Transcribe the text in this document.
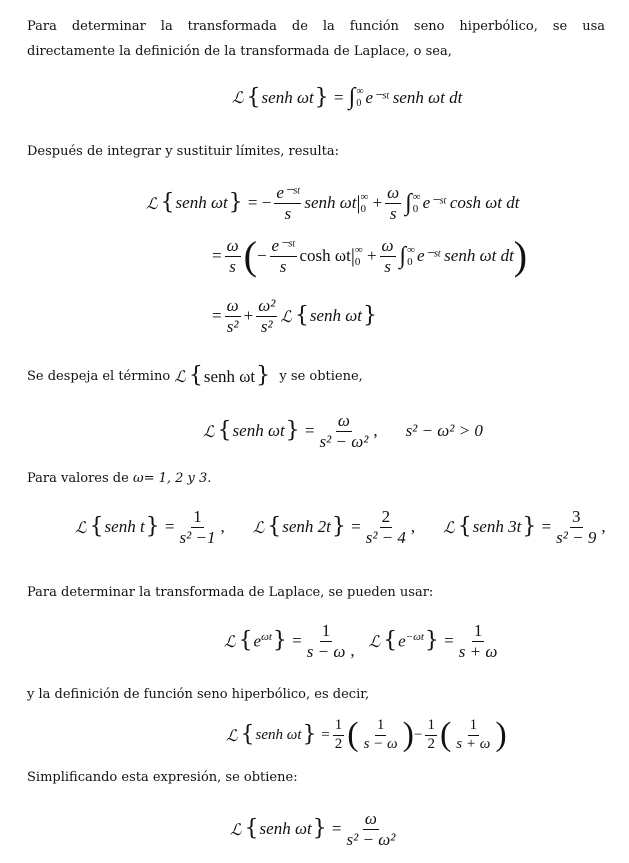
Para determinar la transformada de la función seno hiperbólico, se usa
directamente la definición de la transformada de Laplace, o sea,
ℒ { senh ωt } = ∫ ∞
0 e⁻ˢᵗ senh ωt dt
Después de integrar y sustituir límites, resulta:
ℒ { senh ωt } = − $\frac{\text{e⁻ˢᵗ}}{s}$ senh ωt | ∞
$0 + \frac{\omega}{s}$ ∫ ∞
0 e⁻ˢᵗ cosh ωt dt
= $\frac{\omega}{s}$ ( − $\frac{\text{e⁻ˢᵗ}}{s}$ cosh ωt | ∞
$0 + \frac{\omega}{s}$ ∫ ∞
0 e⁻ˢᵗ senh ωt dt )
= $\frac{\omega}{\text{s²}} + \frac{\text{ω²}}{\text{s²}}$ ℒ { senh ωt }
Se despeja el término
ℒ {senh ωt}
y se obtiene,
ℒ { senh ωt } = $\frac{\omega}{\text{s² − ω²}}$ , s² − ω² > 0
Para valores de ω= 1, 2 y 3.
ℒ { senh t } = $\frac{1}{\text{s² −1}}$ , ℒ { senh 2t } = $\frac{2}{\text{s² − 4}}$ , ℒ { senh 3t } = $\frac{3}{\text{s² − 9}}$ ,
Para determinar la transformada de Laplace, se pueden usar:
ℒ { $e^{\omega t}$ } = $\frac{1}{s - \omega}$ , ℒ { $e^{-\omega t}$ } = $\frac{1}{s + \omega}$
y la definición de función seno hiperbólico, es decir,
ℒ { senh ωt } = $\frac{1}{2}$ ( $\frac{1}{s - \omega}$ ) − $\frac{1}{2}$ ( $\frac{1}{s + \omega}$ )
Simplificando esta expresión, se obtiene:
ℒ { senh ωt } = $\frac{\omega}{\text{s² − ω²}}$
